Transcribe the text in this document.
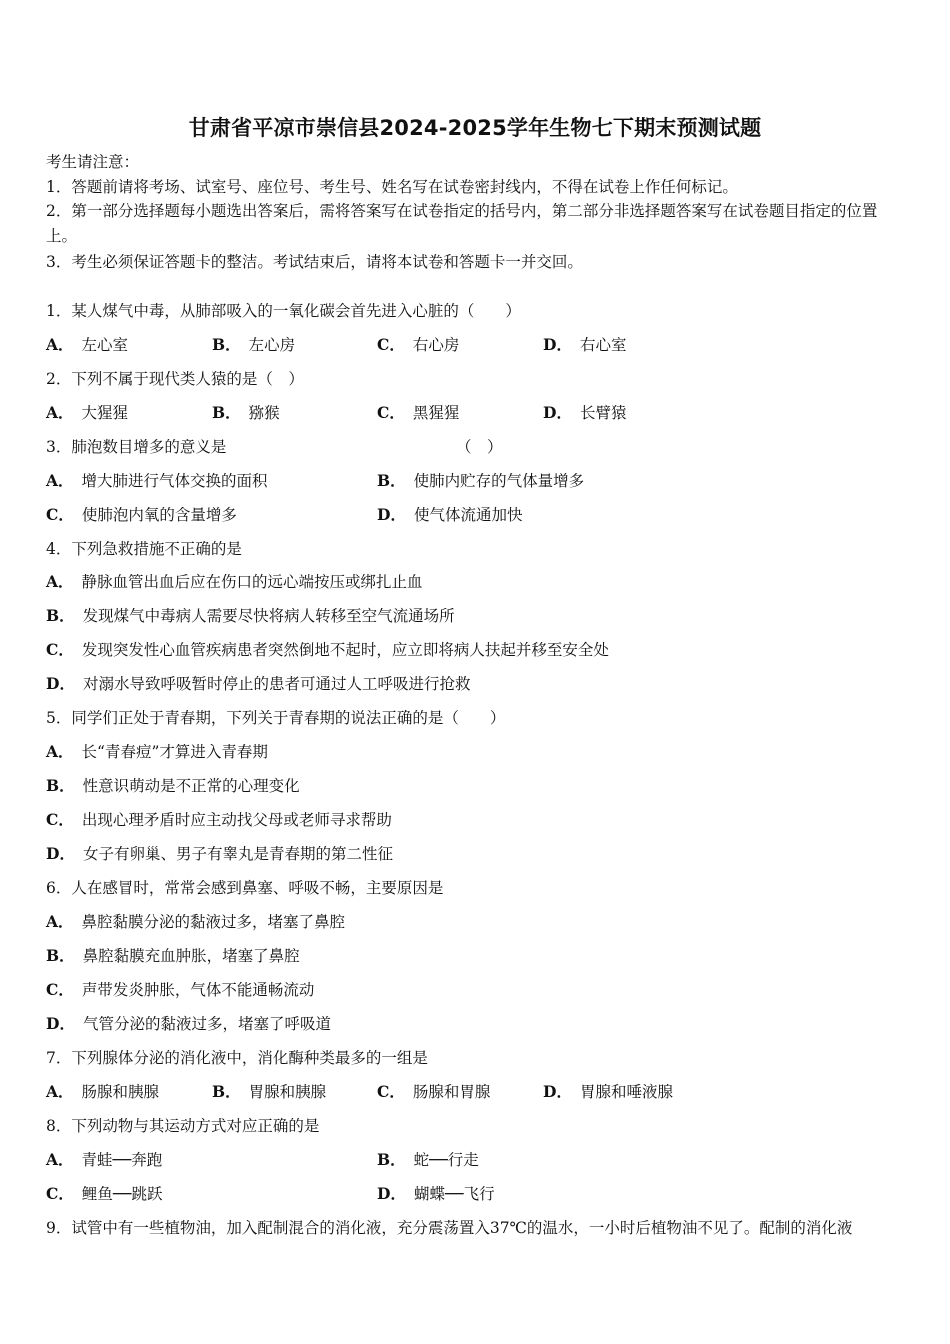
甘肃省平凉市崇信县2024-2025学年生物七下期末预测试题
考生请注意：
1．答题前请将考场、试室号、座位号、考生号、姓名写在试卷密封线内，不得在试卷上作任何标记。
2．第一部分选择题每小题选出答案后，需将答案写在试卷指定的括号内，第二部分非选择题答案写在试卷题目指定的位置上。
3．考生必须保证答题卡的整洁。考试结束后，请将本试卷和答题卡一并交回。
1．某人煤气中毒，从肺部吸入的一氧化碳会首先进入心脏的（　　）
A． 左心室	B． 左心房	C． 右心房	D． 右心室
2．下列不属于现代类人猿的是（　）
A． 大猩猩	B． 猕猴	C． 黑猩猩	D． 长臂猿
3．肺泡数目增多的意义是	（　）
A． 增大肺进行气体交换的面积	B． 使肺内贮存的气体量增多
C． 使肺泡内氧的含量增多	D． 使气体流通加快
4．下列急救措施不正确的是
A． 静脉血管出血后应在伤口的远心端按压或绑扎止血
B． 发现煤气中毒病人需要尽快将病人转移至空气流通场所
C． 发现突发性心血管疾病患者突然倒地不起时，应立即将病人扶起并移至安全处
D． 对溺水导致呼吸暂时停止的患者可通过人工呼吸进行抢救
5．同学们正处于青春期，下列关于青春期的说法正确的是（　　）
A． 长“青春痘”才算进入青春期
B． 性意识萌动是不正常的心理变化
C． 出现心理矛盾时应主动找父母或老师寻求帮助
D． 女子有卵巢、男子有睾丸是青春期的第二性征
6．人在感冒时，常常会感到鼻塞、呼吸不畅，主要原因是
A． 鼻腔黏膜分泌的黏液过多，堵塞了鼻腔
B． 鼻腔黏膜充血肿胀，堵塞了鼻腔
C． 声带发炎肿胀，气体不能通畅流动
D． 气管分泌的黏液过多，堵塞了呼吸道
7．下列腺体分泌的消化液中，消化酶种类最多的一组是
A． 肠腺和胰腺	B． 胃腺和胰腺	C． 肠腺和胃腺	D． 胃腺和唾液腺
8．下列动物与其运动方式对应正确的是
A． 青蛙──奔跑	B． 蛇──行走
C． 鲤鱼──跳跃	D． 蝴蝶──飞行
9．试管中有一些植物油，加入配制混合的消化液，充分震荡置入37℃的温水，一小时后植物油不见了。配制的消化液
